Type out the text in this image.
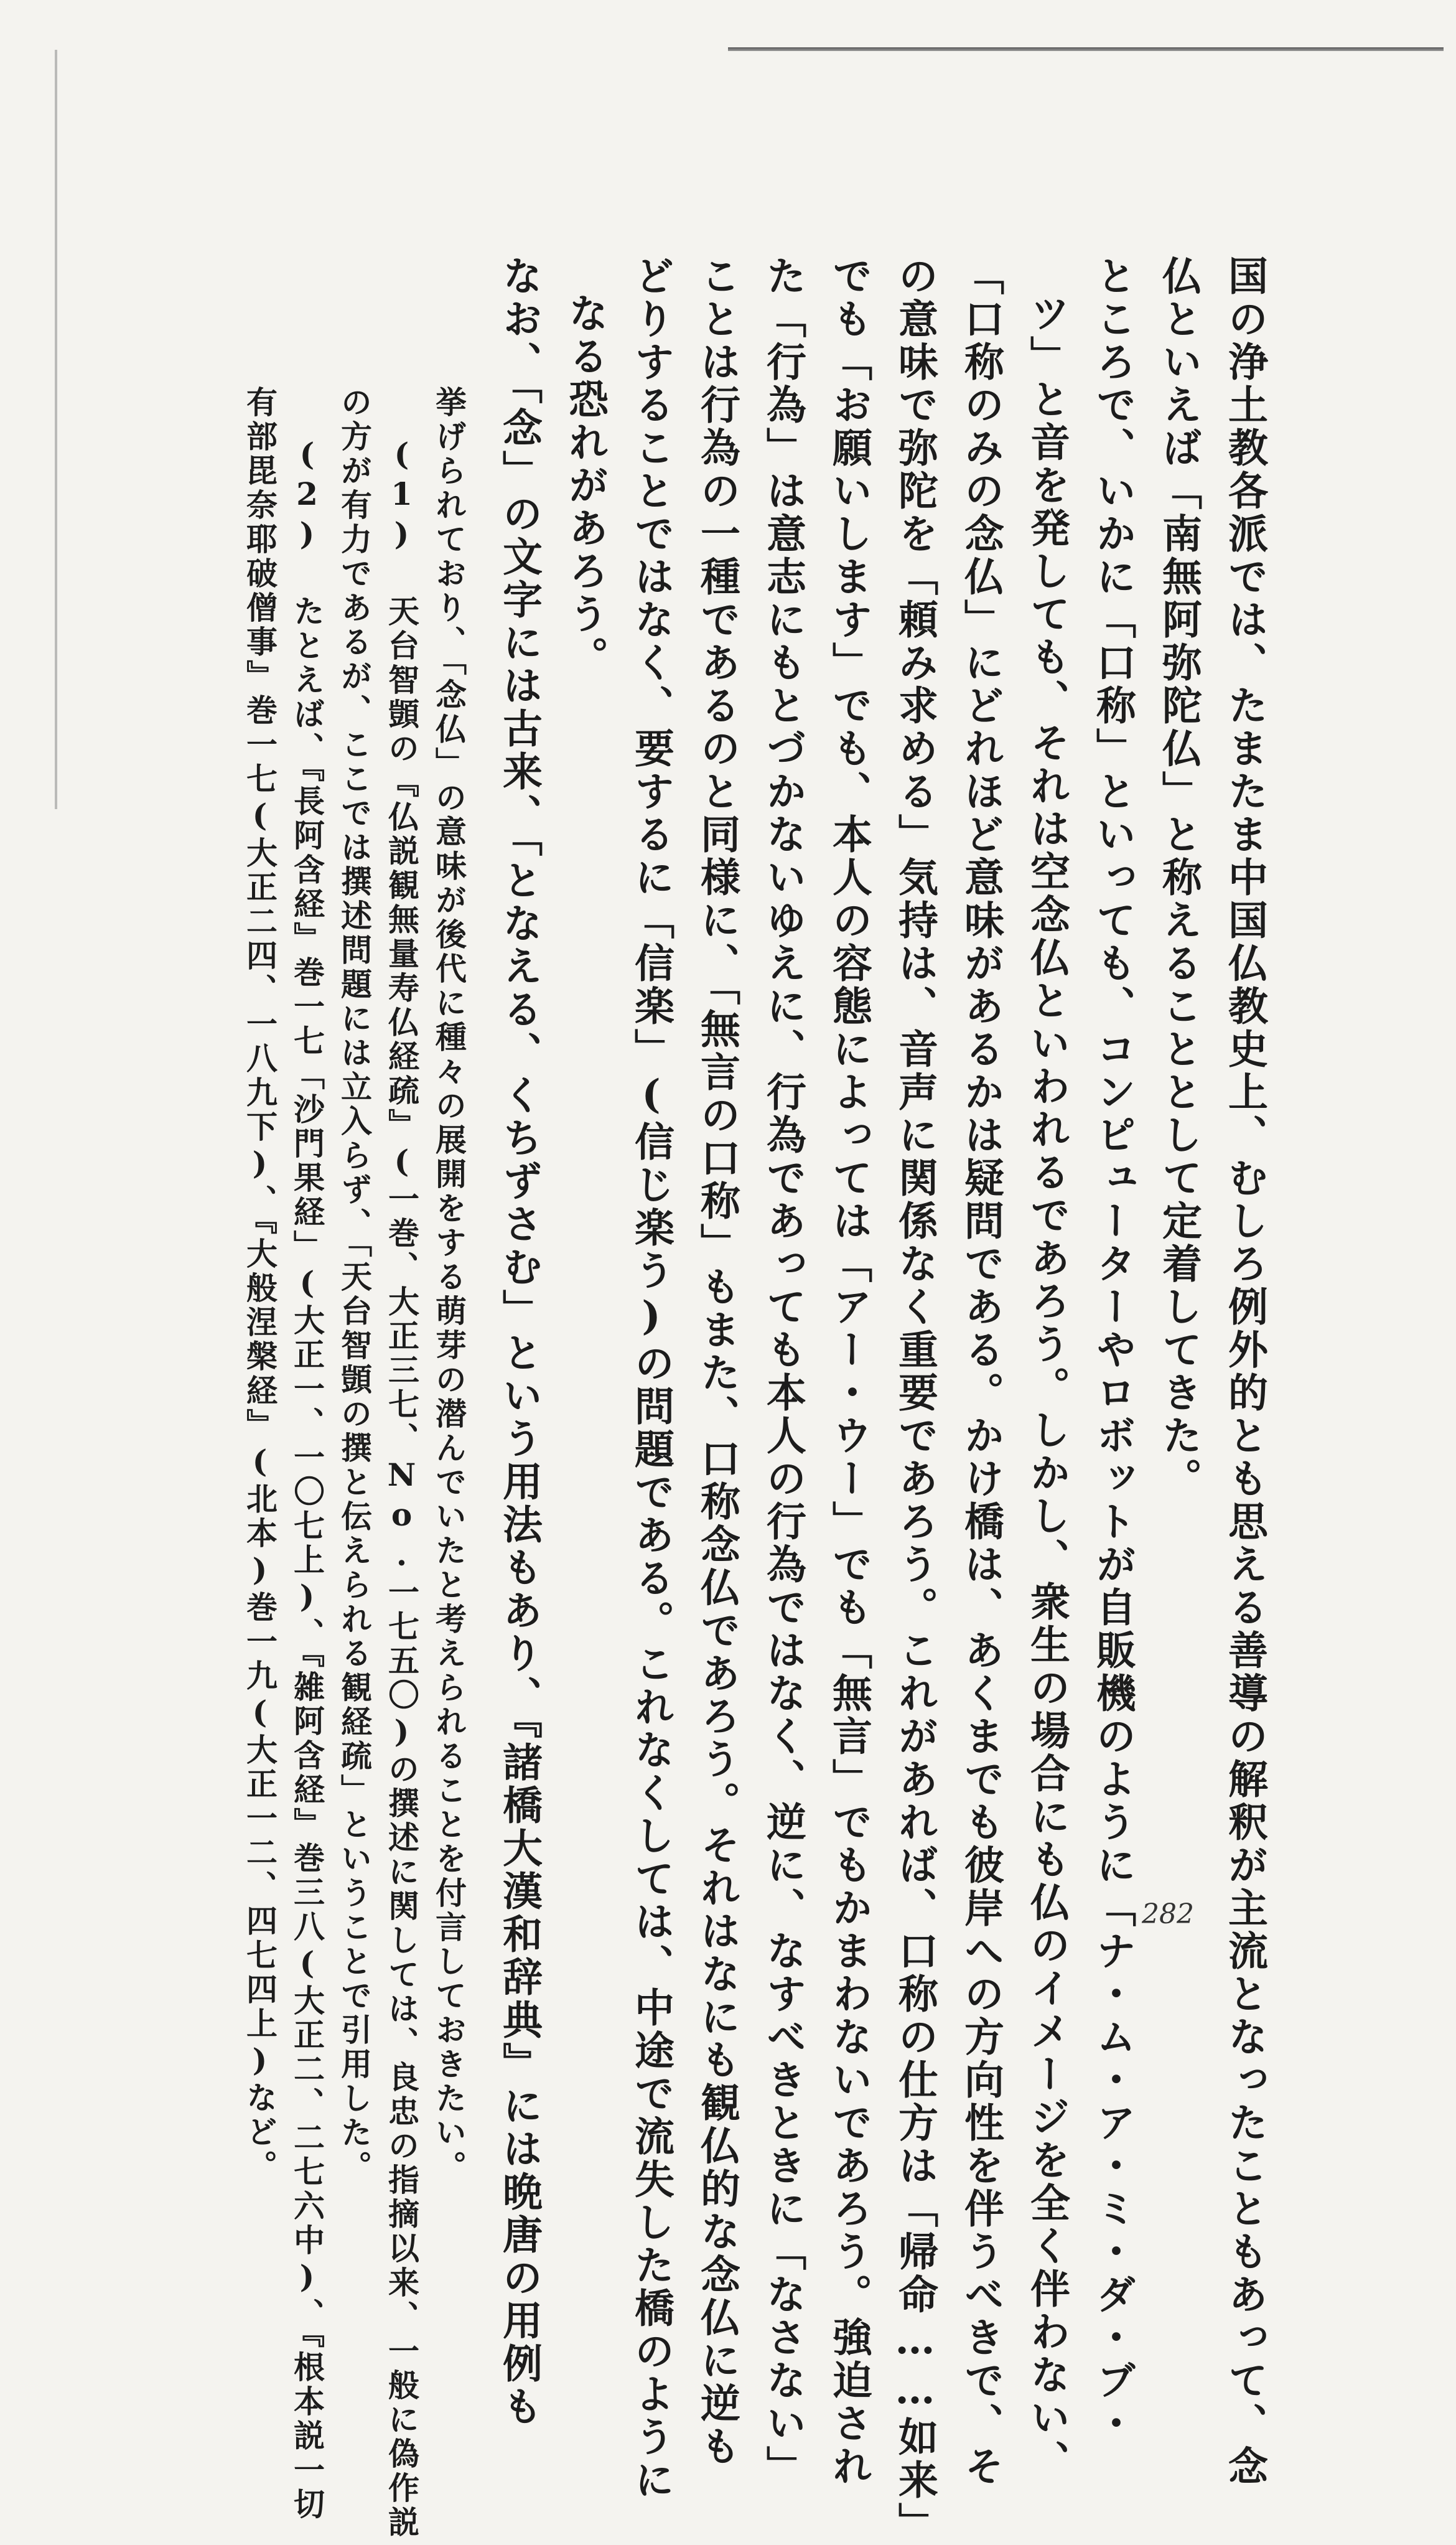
国の浄土教各派では、たまたま中国仏教史上、むしろ例外的とも思える善導の解釈が主流となったこともあって、念
仏といえば「南無阿弥陀仏」と称えることとして定着してきた。
ところで、いかに「口称」といっても、コンピューターやロボットが自販機のように「ナ・ム・ア・ミ・ダ・ブ・
ツ」と音を発しても、それは空念仏といわれるであろう。しかし、衆生の場合にも仏のイメージを全く伴わない、
「口称のみの念仏」にどれほど意味があるかは疑問である。かけ橋は、あくまでも彼岸への方向性を伴うべきで、そ
の意味で弥陀を「頼み求める」気持は、音声に関係なく重要であろう。これがあれば、口称の仕方は「帰命……如来」
でも「お願いします」でも、本人の容態によっては「アー・ウー」でも「無言」でもかまわないであろう。強迫され
た「行為」は意志にもとづかないゆえに、行為であっても本人の行為ではなく、逆に、なすべきときに「なさない」
ことは行為の一種であるのと同様に、「無言の口称」もまた、口称念仏であろう。それはなにも観仏的な念仏に逆も
どりすることではなく、要するに「信楽」(信じ楽う)の問題である。これなくしては、中途で流失した橋のように
なる恐れがあろう。
なお、「念」の文字には古来、「となえる、くちずさむ」という用法もあり、『諸橋大漢和辞典』には晩唐の用例も
挙げられており、「念仏」の意味が後代に種々の展開をする萌芽の潜んでいたと考えられることを付言しておきたい。
(1) 天台智顗の『仏説観無量寿仏経疏』(一巻、大正三七、No.一七五〇)の撰述に関しては、良忠の指摘以来、一般に偽作説
の方が有力であるが、ここでは撰述問題には立入らず、「天台智顗の撰と伝えられる観経疏」ということで引用した。
(2) たとえば、『長阿含経』巻一七「沙門果経」(大正一、一〇七上)、『雑阿含経』巻三八(大正二、二七六中)、『根本説一切
有部毘奈耶破僧事』巻一七(大正二四、一八九下)、『大般涅槃経』(北本)巻一九(大正一二、四七四上)など。	282
